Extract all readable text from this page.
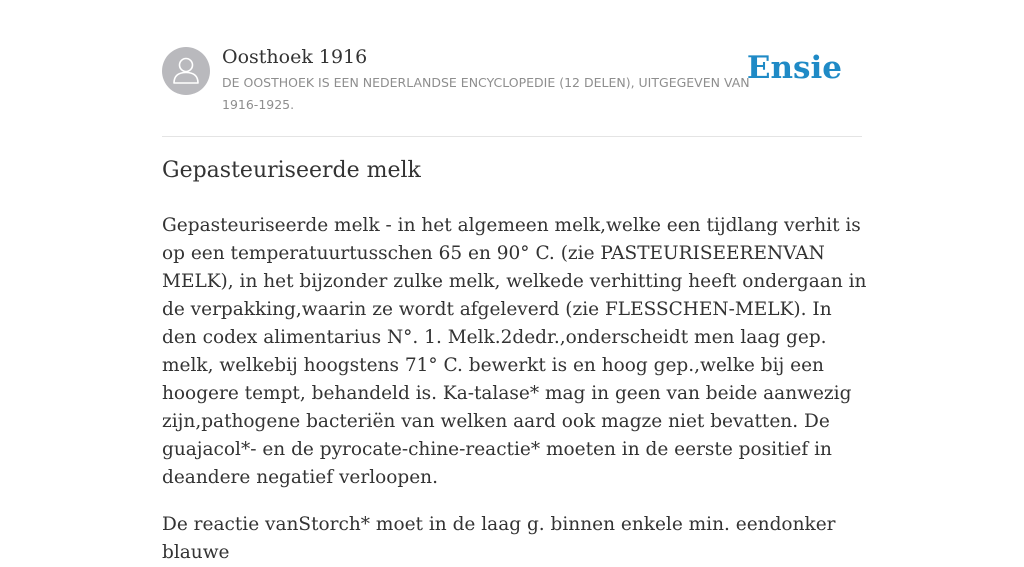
Oosthoek 1916
DE OOSTHOEK IS EEN NEDERLANDSE ENCYCLOPEDIE (12 DELEN), UITGEGEVEN VAN 1916-1925.
Ensie
Gepasteuriseerde melk

Gepasteuriseerde melk - in het algemeen melk,welke een tijdlang verhit is op een temperatuurtusschen 65 en 90° C. (zie PASTEURISEERENVAN MELK), in het bijzonder zulke melk, welkede verhitting heeft ondergaan in de verpakking,waarin ze wordt afgeleverd (zie FLESSCHEN-MELK). In den codex alimentarius N°. 1. Melk.2dedr.,onderscheidt men laag gep. melk, welkebij hoogstens 71° C. bewerkt is en hoog gep.,welke bij een hoogere tempt, behandeld is. Ka-talase* mag in geen van beide aanwezig zijn,pathogene bacteriën van welken aard ook magze niet bevatten. De guajacol*- en de pyrocate-chine-reactie* moeten in de eerste positief in deandere negatief verloopen.

De reactie vanStorch* moet in de laag g. binnen enkele min. eendonker blauwe
